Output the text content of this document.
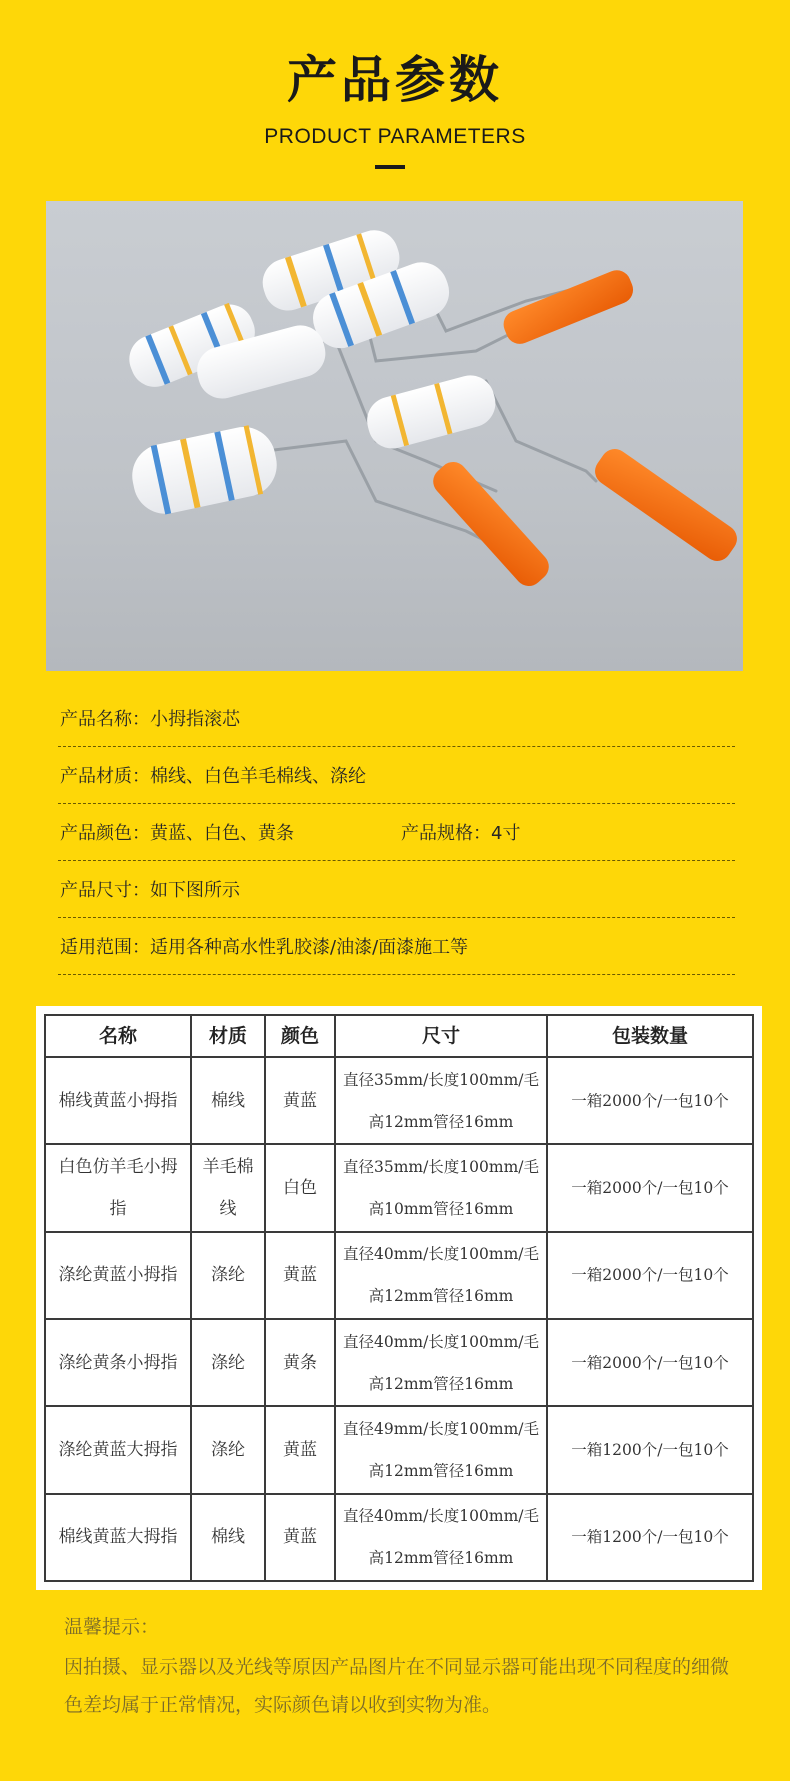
产品参数
PRODUCT PARAMETERS
产品名称：小拇指滚芯
产品材质：棉线、白色羊毛棉线、涤纶
产品颜色：黄蓝、白色、黄条	产品规格：4寸
产品尺寸：如下图所示
适用范围：适用各种高水性乳胶漆/油漆/面漆施工等
名称	材质	颜色	尺寸	包装数量
棉线黄蓝小拇指	棉线	黄蓝	直径35mm/长度100mm/毛高12mm管径16mm	一箱2000个/一包10个
白色仿羊毛小拇指	羊毛棉线	白色	直径35mm/长度100mm/毛高10mm管径16mm	一箱2000个/一包10个
涤纶黄蓝小拇指	涤纶	黄蓝	直径40mm/长度100mm/毛高12mm管径16mm	一箱2000个/一包10个
涤纶黄条小拇指	涤纶	黄条	直径40mm/长度100mm/毛高12mm管径16mm	一箱2000个/一包10个
涤纶黄蓝大拇指	涤纶	黄蓝	直径49mm/长度100mm/毛高12mm管径16mm	一箱1200个/一包10个
棉线黄蓝大拇指	棉线	黄蓝	直径40mm/长度100mm/毛高12mm管径16mm	一箱1200个/一包10个
温馨提示：
因拍摄、显示器以及光线等原因产品图片在不同显示器可能出现不同程度的细微色差均属于正常情况，实际颜色请以收到实物为准。
